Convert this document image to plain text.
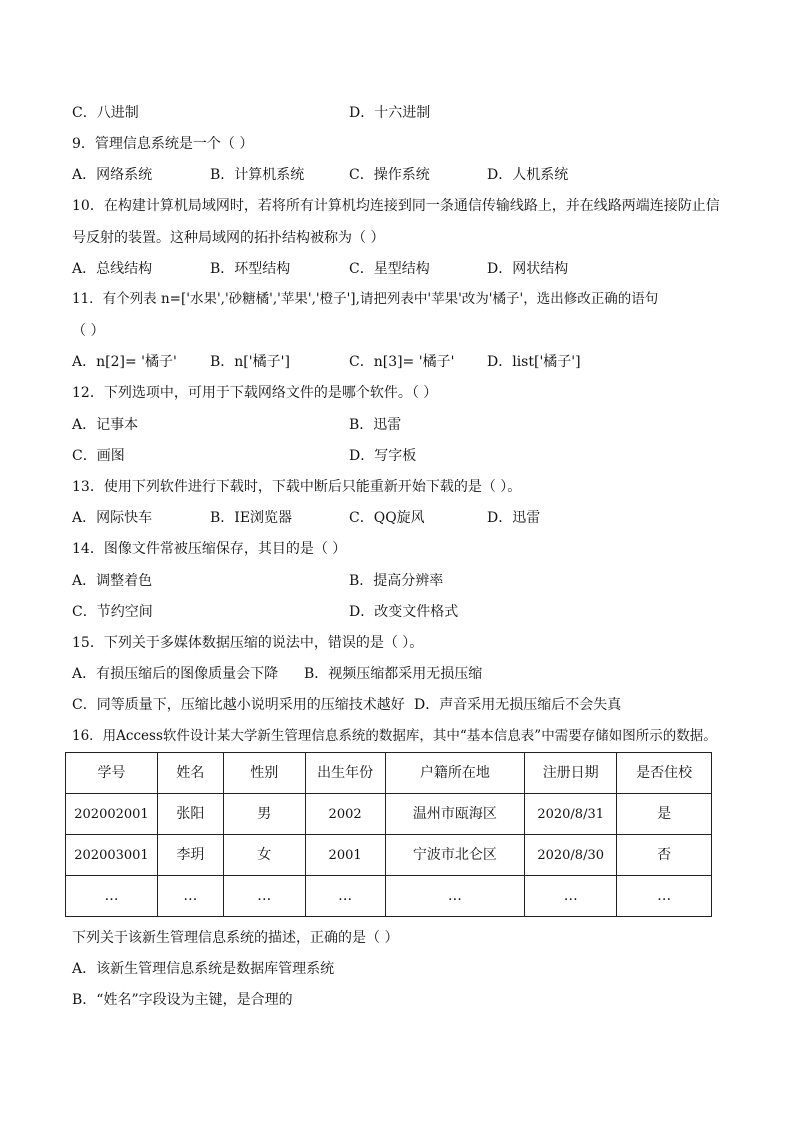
C．八进制	D．十六进制
9．管理信息系统是一个（ ）
A．网络系统	B．计算机系统	C．操作系统	D．人机系统
10．在构建计算机局域网时，若将所有计算机均连接到同一条通信传输线路上，并在线路两端连接防止信
号反射的装置。这种局域网的拓扑结构被称为（ ）
A．总线结构	B．环型结构	C．星型结构	D．网状结构
11．有个列表 n=['水果','砂糖橘','苹果','橙子'],请把列表中'苹果'改为'橘子'，选出修改正确的语句
（ ）
A．n[2]= '橘子' B．n['橘子']	C．n[3]= '橘子' D．list['橘子']
12．下列选项中，可用于下载网络文件的是哪个软件。（ ）
A．记事本	B．迅雷
C．画图	D．写字板
13．使用下列软件进行下载时，下载中断后只能重新开始下载的是（ ）。
A．网际快车	B．IE浏览器	C．QQ旋风	D．迅雷
14．图像文件常被压缩保存，其目的是（ ）
A．调整着色	B．提高分辨率
C．节约空间	D．改变文件格式
15．下列关于多媒体数据压缩的说法中，错误的是（ ）。
A．有损压缩后的图像质量会下降 B．视频压缩都采用无损压缩
C．同等质量下，压缩比越小说明采用的压缩技术越好 D．声音采用无损压缩后不会失真
16．用Access软件设计某大学新生管理信息系统的数据库，其中“基本信息表”中需要存储如图所示的数据。
学号	姓名	性别	出生年份	户籍所在地	注册日期	是否住校
202002001	张阳	男	2002	温州市瓯海区	2020/8/31	是
202003001	李玥	女	2001	宁波市北仑区	2020/8/30	否
…	…	…	…	…	…	…
下列关于该新生管理信息系统的描述，正确的是（ ）
A．该新生管理信息系统是数据库管理系统
B．“姓名”字段设为主键，是合理的
